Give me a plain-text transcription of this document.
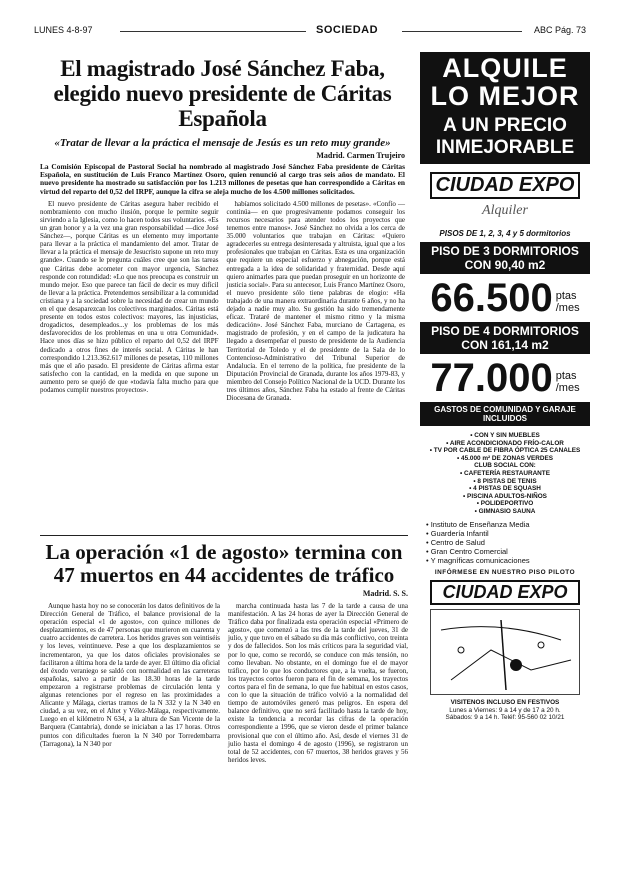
LUNES 4-8-97	SOCIEDAD	ABC Pág. 73
El magistrado José Sánchez Faba, elegido nuevo presidente de Cáritas Española
«Tratar de llevar a la práctica el mensaje de Jesús es un reto muy grande»
Madrid. Carmen Trujeiro
La Comisión Episcopal de Pastoral Social ha nombrado al magistrado José Sánchez Faba presidente de Cáritas Española, en sustitución de Luis Franco Martínez Osoro, quien renunció al cargo tras seis años de mandato. El nuevo presidente ha mostrado su satisfacción por los 1.213 millones de pesetas que han correspondido a Cáritas en virtud del reparto del 0,52 del IRPF, aunque la cifra se aleja mucho de los 4.500 millones solicitados.

El nuevo presidente de Cáritas asegura haber recibido el nombramiento con mucho ilusión, porque le permite seguir sirviendo a la Iglesia, como lo hacen todos sus voluntarios. «Es un gran honor y a la vez una gran responsabilidad —dice José Sánchez—, porque Cáritas es un elemento muy importante para llevar a la práctica el mandamiento del amor. Tratar de llevar a la práctica el mensaje de Jesucristo supone un reto muy grande». Cuando se le pregunta cuáles cree que son las tareas que Cáritas debe acometer con mayor urgencia, Sánchez responde con rotundidad: «Lo que nos preocupa es construir un mundo mejor. Eso que parece tan fácil de decir es muy difícil de llevar a la práctica. Pretendemos sensibilizar a la comunidad cristiana y a la sociedad sobre la necesidad de crear un mundo en el que desaparezcan los colectivos marginados. Cáritas está presente en todos estos colectivos: mayores, las injusticias, drogadictos, desempleados...y los problemas de los más desfavorecidos de los problemas en una u otra Comunidad». Hace unos días se hizo público el reparto del 0,52 del IRPF dedicado a otros fines de interés social. A Cáritas le han correspondido 1.213.362.617 millones de pesetas, 110 millones más que el año pasado. El presidente de Cáritas afirma estar satisfecho con la cantidad, en la medida en que supone un aumento pero se quejó de que «todavía falta mucho para que podamos cumplir nuestros proyectos».

habíamos solicitado 4.500 millones de pesetas». «Confío —continúa— en que progresivamente podamos conseguir los recursos necesarios para atender todos los proyectos que tenemos entre manos». José Sánchez no olvida a los cerca de 35.000 voluntarios que trabajan en Cáritas: «Quiero agradecerles su entrega desinteresada y altruista, igual que a los profesionales que trabajan en Cáritas. Esta es una organización que requiere un especial esfuerzo y abnegación, porque está entregada a la idea de solidaridad y fraternidad. Desde aquí quiero animarles para que puedan proseguir en un horizonte de justicia social». Para su antecesor, Luis Franco Martínez Osoro, el nuevo presidente sólo tiene palabras de elogio: «Ha trabajado de una manera extraordinaria durante 6 años, y no ha dejado a nadie muy alto. Su gestión ha sido tremendamente eficaz. Trataré de mantener el mismo ritmo y la misma dedicación». José Sánchez Faba, murciano de Cartagena, es magistrado de profesión, y en el campo de la judicatura ha llegado a desempeñar el puesto de presidente de la Audiencia Territorial de Toledo y el de presidente de la Sala de lo Contencioso-Administrativo del Tribunal Superior de Andalucía. En el terreno de la política, fue presidente de la Diputación Provincial de Granada, durante los años 1979-83, y miembro del Consejo Político Nacional de la UCD. Durante los tres últimos años, Sánchez Faba ha estado al frente de Cáritas Diocesana de Granada.

La operación «1 de agosto» termina con 47 muertos en 44 accidentes de tráfico
Madrid. S. S.

Aunque hasta hoy no se conocerán los datos definitivos de la Dirección General de Tráfico, el balance provisional de la operación especial «1 de agosto», con quince millones de desplazamientos, es de 47 personas que murieron en cuarenta y cuatro accidentes de carretera. Los heridos graves son veintiséis y los leves, veintinueve. Pese a que los desplazamientos se incrementaron, ya que los datos oficiales provisionales se facilitaron a última hora de la tarde de ayer. El último día oficial del éxodo veraniego se saldó con normalidad en las carreteras españolas, salvo a partir de las 18.30 horas de la tarde empezaron a registrarse problemas de circulación lenta y algunas retenciones por el regreso en las proximidades a Alicante y Málaga, ciertas tramos de la N 332 y la N 340 en ciudad, a su vez, en el Altet y Vélez-Málaga, respectivamente. Luego en el kilómetro N 634, a la altura de San Vicente de la Barquera (Cantabria), donde se iniciaban a las 17 horas. Otros puntos con dificultades fueron la N 340 por Torredembarra (Tarragona), la N 340 por

marcha continuada hasta las 7 de la tarde a causa de una manifestación. A las 24 horas de ayer la Dirección General de Tráfico daba por finalizada esta operación especial «Primero de agosto», que comenzó a las tres de la tarde del jueves, 31 de julio, y que tuvo en el sábado su día más conflictivo, con treinta y dos de fallecidos. Son los más críticos para la seguridad vial, por lo que, como se recordó, se conduce con más tensión, no como llevaban. No obstante, en el domingo fue el de mayor tráfico, por lo que los conductores que, a la vuelta, se fueron, los trayectos cortos fueron para el fin de semana, los trayectos cortos para el fin de semana, lo que fue habitual en estos casos, con lo que la situación de tráfico volvió a la normalidad del tiempo de automóviles generó mas peligros. En espera del balance definitivo, que no será facilitado hasta la tarde de hoy, existe la tendencia a recordar las cifras de la operación correspondiente a 1996, que se vieron desde el primer balance provisional que con el último año. Así, desde el viernes 31 de julio hasta el domingo 4 de agosto (1996), se registraron un total de 52 accidentes, con 67 muertos, 38 heridos graves y 56 heridos leves.

ALQUILE
LO MEJOR
A UN PRECIO
INMEJORABLE
CIUDAD EXPO
Alquiler
PISOS DE 1, 2, 3, 4 y 5 dormitorios
PISO DE 3 DORMITORIOS
CON 90,40 m2
66.500 ptas
/mes
PISO DE 4 DORMITORIOS
CON 161,14 m2
77.000 ptas
/mes
GASTOS DE COMUNIDAD Y GARAJE INCLUIDOS
• CON Y SIN MUEBLES
• AIRE ACONDICIONADO FRÍO-CALOR
• TV POR CABLE DE FIBRA ÓPTICA 25 CANALES
• 45.000 m² DE ZONAS VERDES
CLUB SOCIAL CON:
• CAFETERÍA RESTAURANTE
• 8 PISTAS DE TENIS
• 4 PISTAS DE SQUASH
• PISCINA ADULTOS-NIÑOS
• POLIDEPORTIVO
• GIMNASIO SAUNA
• Instituto de Enseñanza Media
• Guardería Infantil
• Centro de Salud
• Gran Centro Comercial
• Y magníficas comunicaciones
INFÓRMESE EN NUESTRO PISO PILOTO
CIUDAD EXPO
VISITENOS INCLUSO EN FESTIVOS
Lunes a Viernes: 9 a 14 y de 17 a 20 h.
Sábados: 9 a 14 h. Teléf: 95-560 02 10/21
